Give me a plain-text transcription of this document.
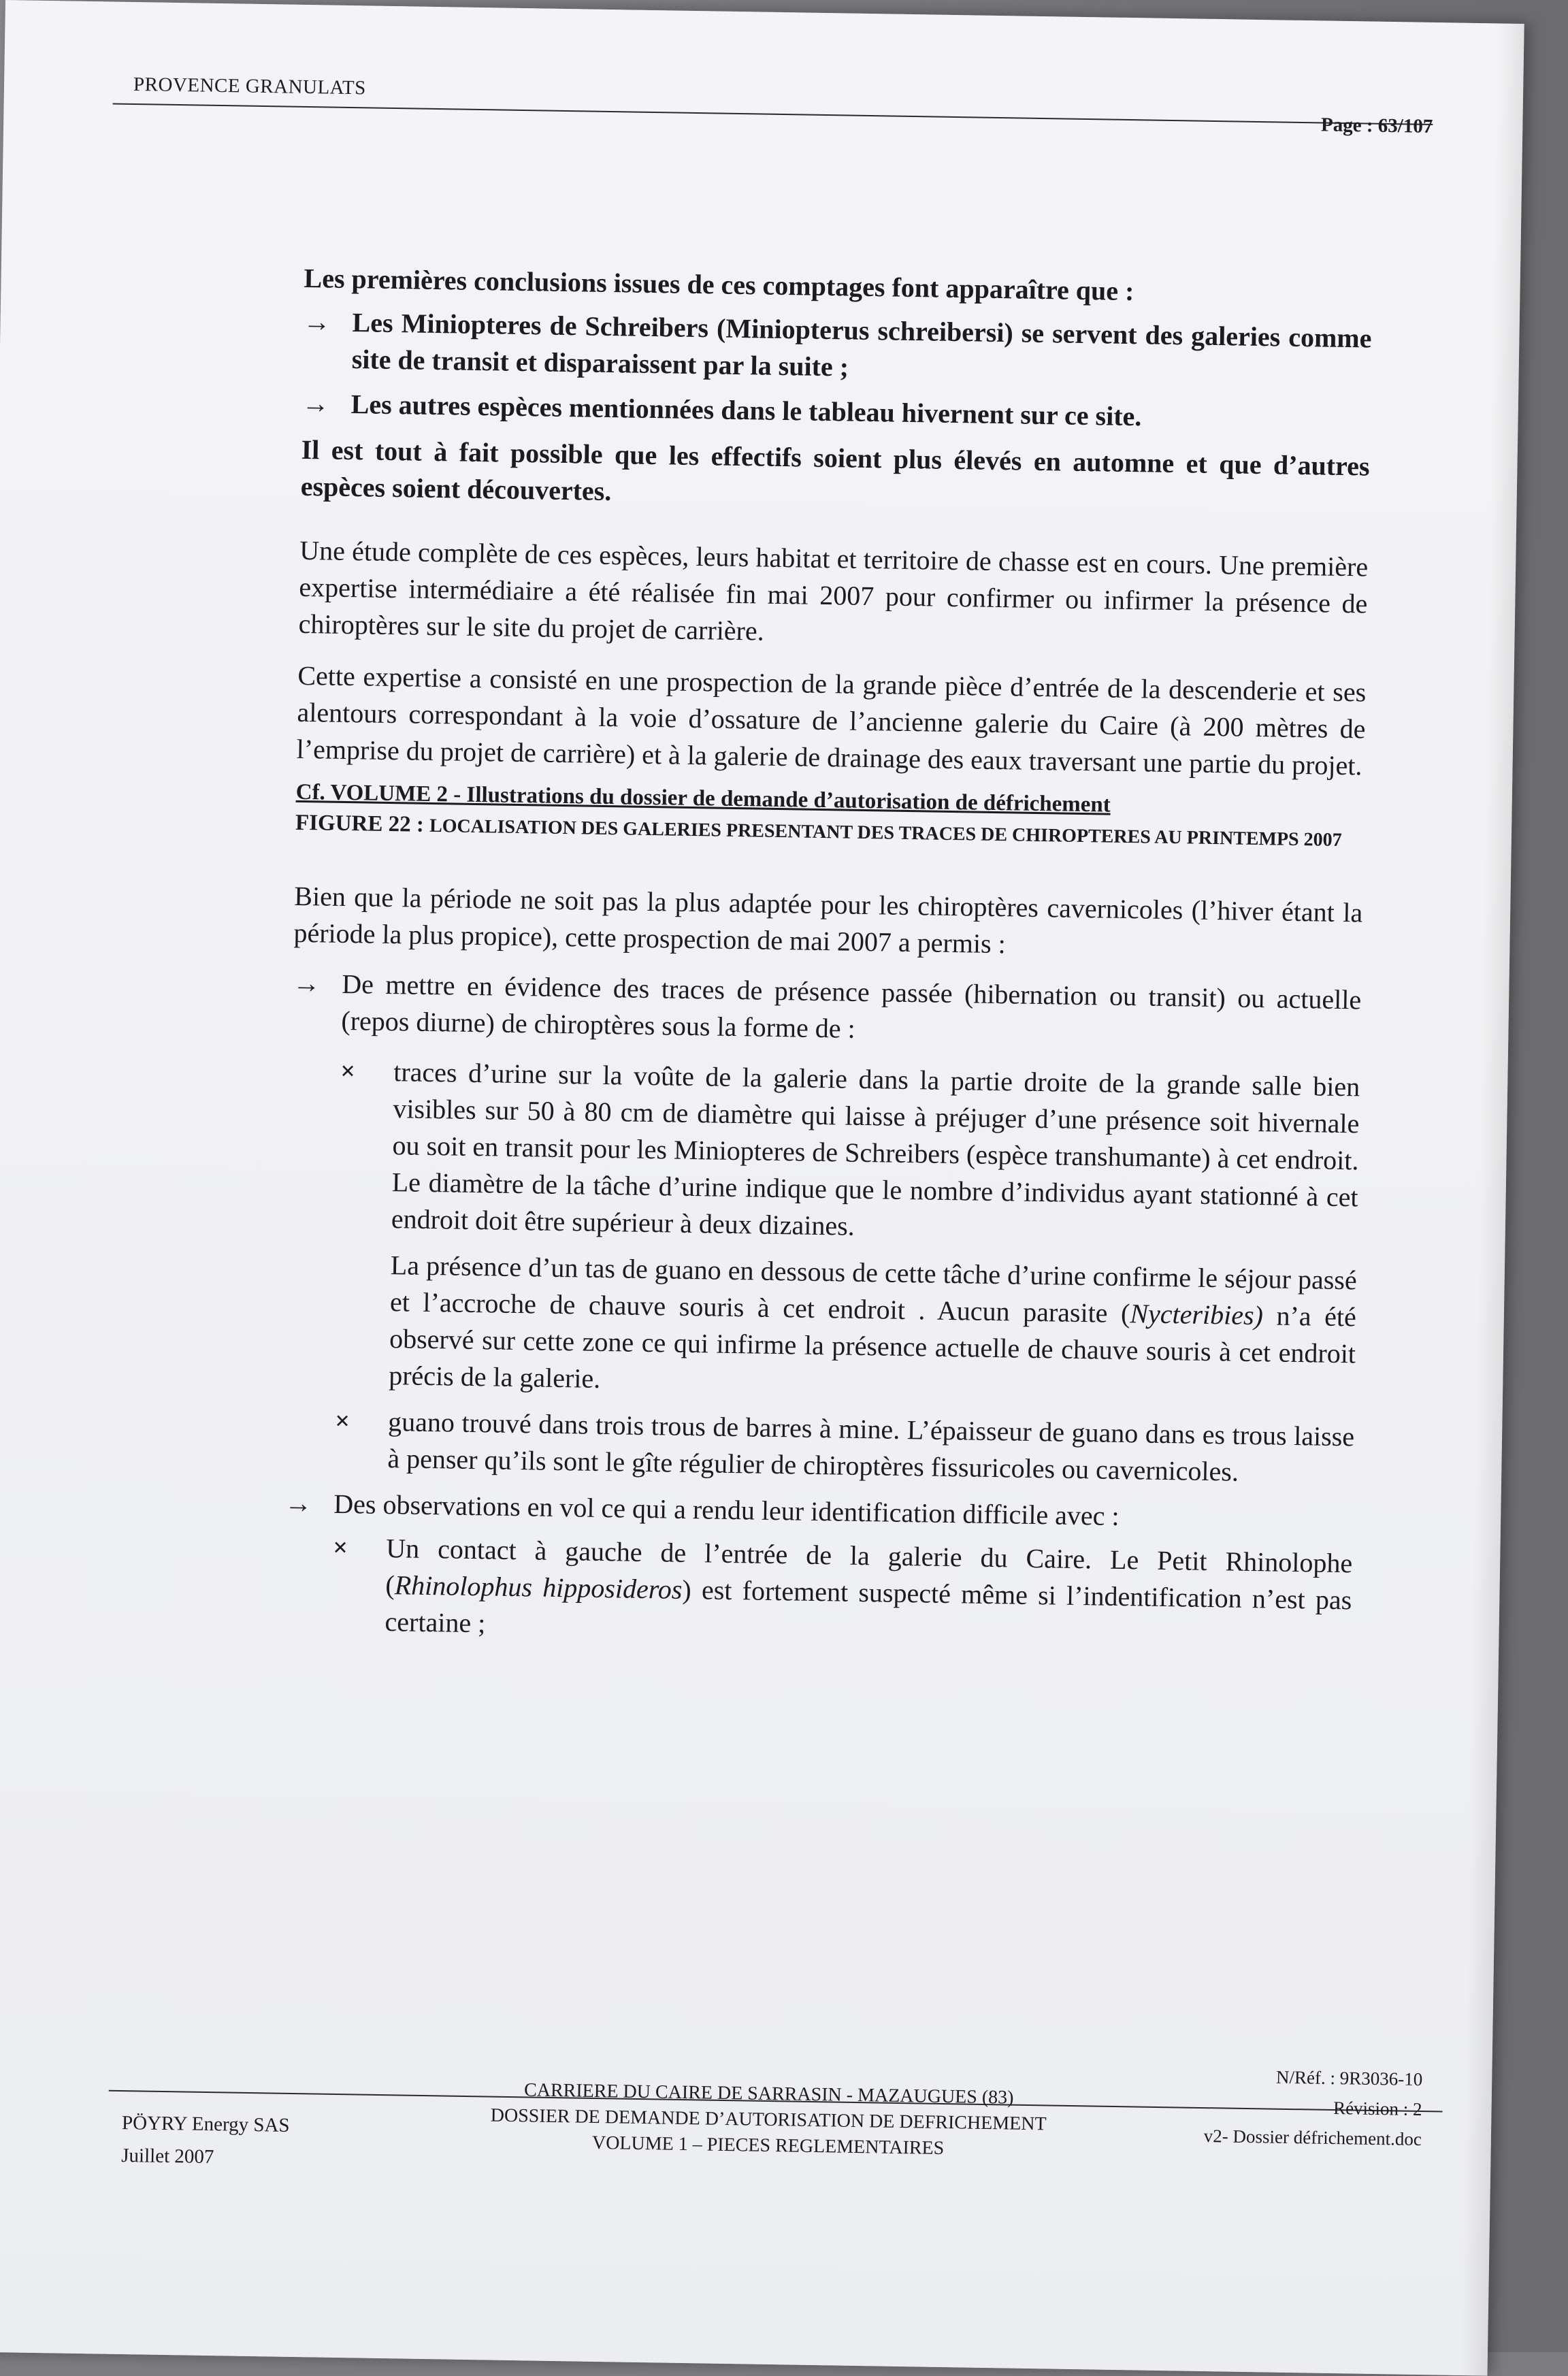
PROVENCE GRANULATS
Page : 63/107

Les premières conclusions issues de ces comptages font apparaître que :

→ Les Miniopteres de Schreibers (Miniopterus schreibersi) se servent des galeries comme site de transit et disparaissent par la suite ;
→ Les autres espèces mentionnées dans le tableau hivernent sur ce site.

Il est tout à fait possible que les effectifs soient plus élevés en automne et que d’autres espèces soient découvertes.

Une étude complète de ces espèces, leurs habitat et territoire de chasse est en cours. Une première expertise intermédiaire a été réalisée fin mai 2007 pour confirmer ou infirmer la présence de chiroptères sur le site du projet de carrière.

Cette expertise a consisté en une prospection de la grande pièce d’entrée de la descenderie et ses alentours correspondant à la voie d’ossature de l’ancienne galerie du Caire (à 200 mètres de l’emprise du projet de carrière) et à la galerie de drainage des eaux traversant une partie du projet.

Cf. VOLUME 2 - Illustrations du dossier de demande d’autorisation de défrichement
FIGURE 22 : LOCALISATION DES GALERIES PRESENTANT DES TRACES DE CHIROPTERES AU PRINTEMPS 2007

Bien que la période ne soit pas la plus adaptée pour les chiroptères cavernicoles (l’hiver étant la période la plus propice), cette prospection de mai 2007 a permis :

→ De mettre en évidence des traces de présence passée (hibernation ou transit) ou actuelle (repos diurne) de chiroptères sous la forme de :
× traces d’urine sur la voûte de la galerie dans la partie droite de la grande salle bien visibles sur 50 à 80 cm de diamètre qui laisse à préjuger d’une présence soit hivernale ou soit en transit pour les Miniopteres de Schreibers (espèce transhumante) à cet endroit. Le diamètre de la tâche d’urine indique que le nombre d’individus ayant stationné à cet endroit doit être supérieur à deux dizaines.

La présence d’un tas de guano en dessous de cette tâche d’urine confirme le séjour passé et l’accroche de chauve souris à cet endroit . Aucun parasite (Nycteribies) n’a été observé sur cette zone ce qui infirme la présence actuelle de chauve souris à cet endroit précis de la galerie.

× guano trouvé dans trois trous de barres à mine. L’épaisseur de guano dans es trous laisse à penser qu’ils sont le gîte régulier de chiroptères fissuricoles ou cavernicoles.
→ Des observations en vol ce qui a rendu leur identification difficile avec :
× Un contact à gauche de l’entrée de la galerie du Caire. Le Petit Rhinolophe (Rhinolophus hipposideros) est fortement suspecté même si l’indentification n’est pas certaine ;
PÖYRY Energy SAS
Juillet 2007
CARRIERE DU CAIRE DE SARRASIN - MAZAUGUES (83)
DOSSIER DE DEMANDE D’AUTORISATION DE DEFRICHEMENT
VOLUME 1 – PIECES REGLEMENTAIRES
N/Réf. : 9R3036-10
Révision : 2
v2- Dossier défrichement.doc
